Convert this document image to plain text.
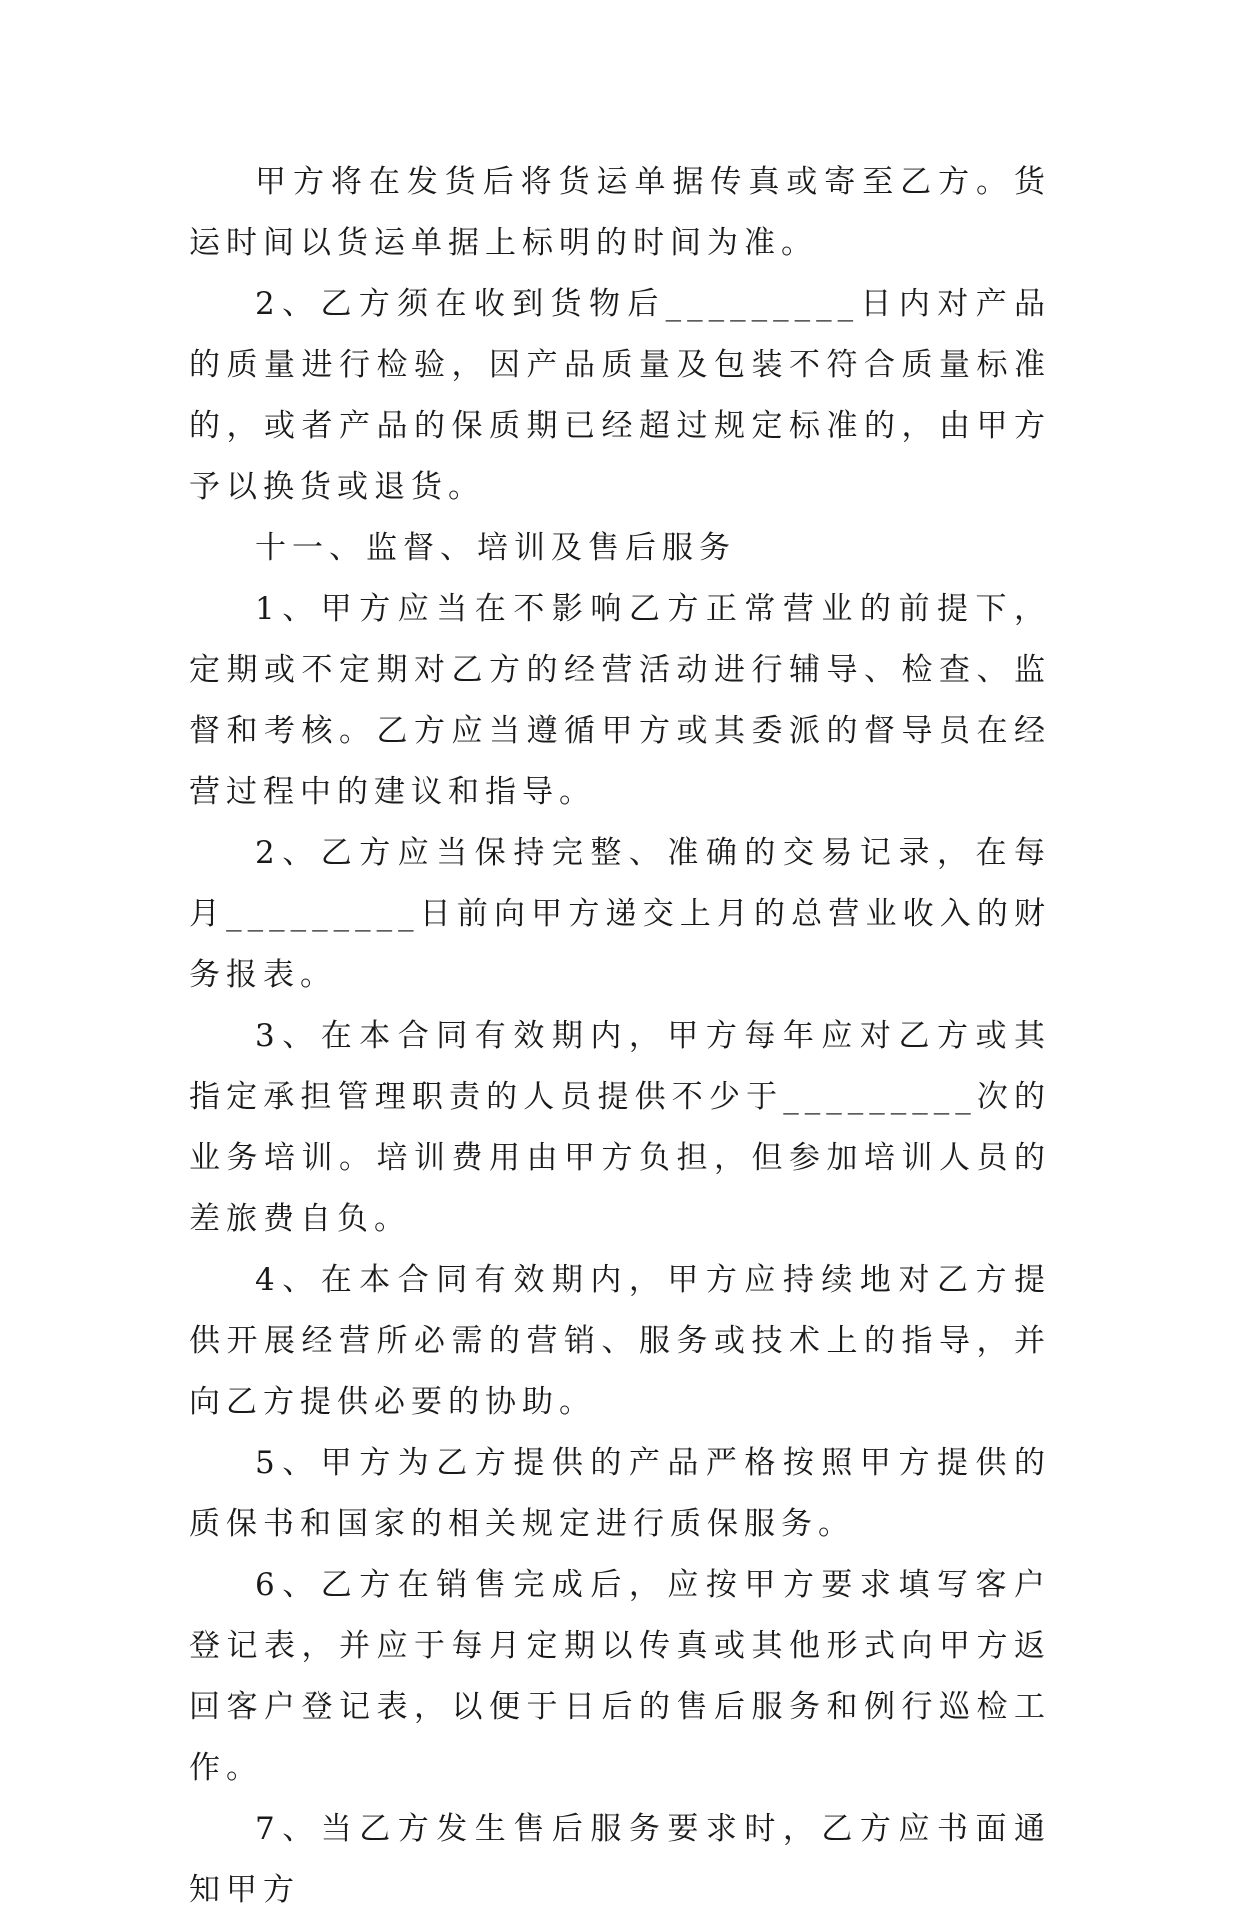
甲方将在发货后将货运单据传真或寄至乙方。货运时间以货运单据上标明的时间为准。

2、乙方须在收到货物后_________日内对产品的质量进行检验，因产品质量及包装不符合质量标准的，或者产品的保质期已经超过规定标准的，由甲方予以换货或退货。

十一、监督、培训及售后服务

1、甲方应当在不影响乙方正常营业的前提下，定期或不定期对乙方的经营活动进行辅导、检查、监督和考核。乙方应当遵循甲方或其委派的督导员在经营过程中的建议和指导。

2、乙方应当保持完整、准确的交易记录，在每月_________日前向甲方递交上月的总营业收入的财务报表。

3、在本合同有效期内，甲方每年应对乙方或其指定承担管理职责的人员提供不少于_________次的业务培训。培训费用由甲方负担，但参加培训人员的差旅费自负。

4、在本合同有效期内，甲方应持续地对乙方提供开展经营所必需的营销、服务或技术上的指导，并向乙方提供必要的协助。

5、甲方为乙方提供的产品严格按照甲方提供的质保书和国家的相关规定进行质保服务。

6、乙方在销售完成后，应按甲方要求填写客户登记表，并应于每月定期以传真或其他形式向甲方返回客户登记表，以便于日后的售后服务和例行巡检工作。

7、当乙方发生售后服务要求时，乙方应书面通知甲方
